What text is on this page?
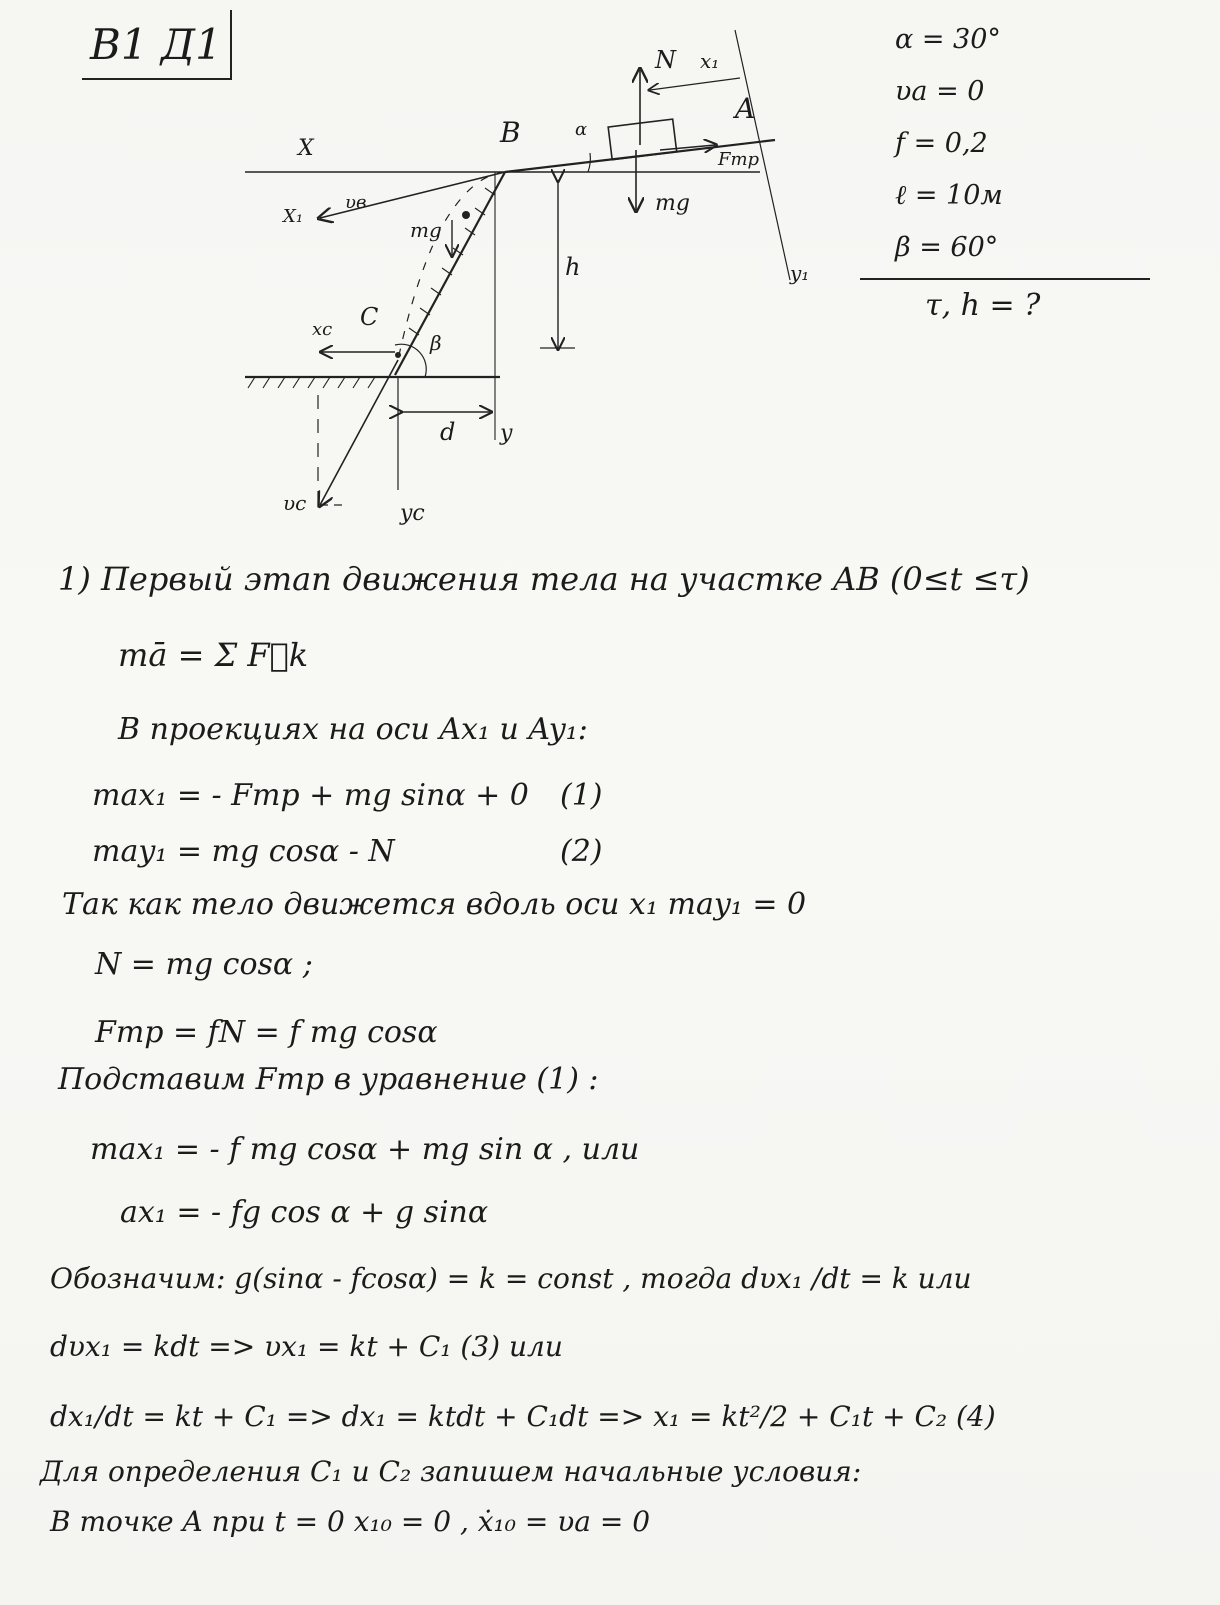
В1 Д1	α = 30°
υa = 0
f = 0,2
ℓ = 10м
β = 60°
τ, h = ?
B
A
C
N x₁
X
X₁
υв	mg
mg
Fтр
α
β
h
d y
y₁
xc
υc	yc
1) Первый этап движения тела на участке AB (0≤t ≤τ)
mā = Σ F⃗k
В проекциях на оси Ax₁ и Ay₁:
max₁ = - Fтр + mg sinα + 0 (1)
may₁ = mg cosα - N	(2)
Так как тело движется вдоль оси x₁ may₁ = 0
N = mg cosα ;
Fтр = fN = f mg cosα
Подставим Fтр в уравнение (1) :
max₁ = - f mg cosα + mg sin α , или
ax₁ = - fg cos α + g sinα
Обозначим: g(sinα - fcosα) = k = const , тогда dυx₁ /dt = k или
dυx₁ = kdt => υx₁ = kt + C₁ (3) или
dx₁/dt = kt + C₁ => dx₁ = ktdt + C₁dt => x₁ = kt²/2 + C₁t + C₂ (4)
Для определения C₁ и C₂ запишем начальные условия:
В точке A при t = 0 x₁₀ = 0 , ẋ₁₀ = υa = 0
